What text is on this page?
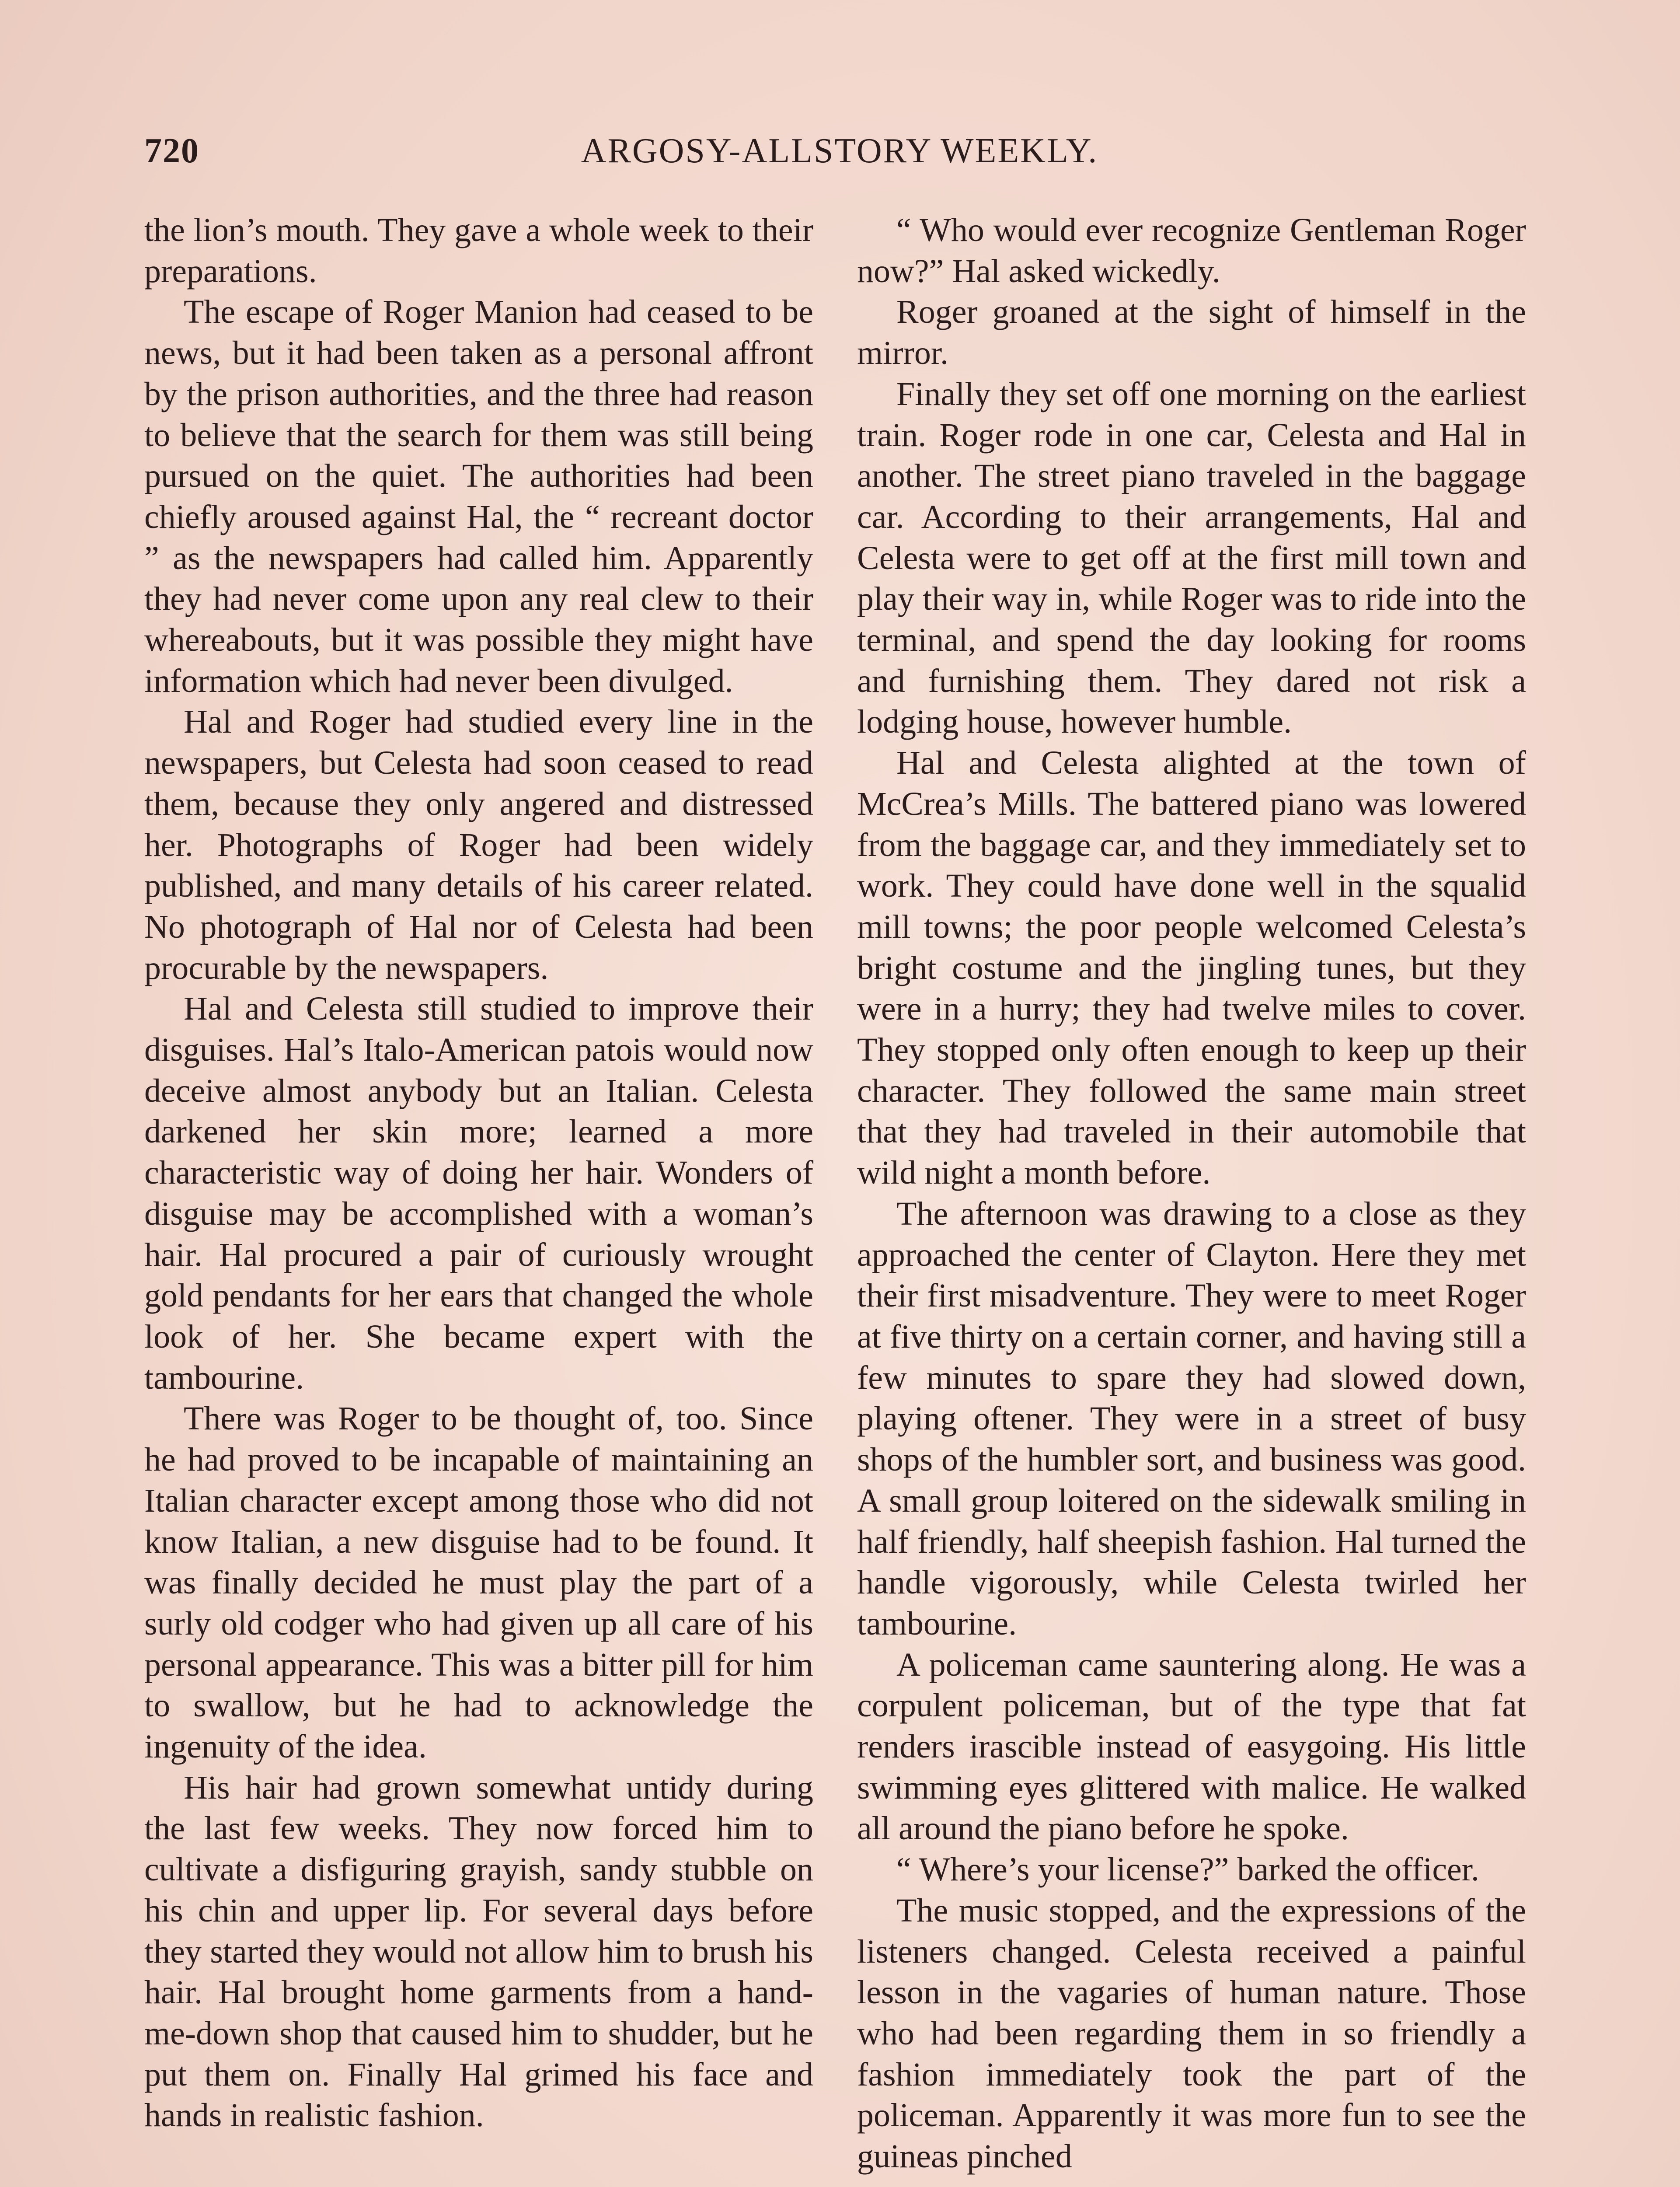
720	ARGOSY-ALLSTORY WEEKLY.

the lion’s mouth. They gave a whole week to their preparations.

The escape of Roger Manion had ceased to be news, but it had been taken as a personal affront by the prison authorities, and the three had reason to believe that the search for them was still being pursued on the quiet. The authorities had been chiefly aroused against Hal, the “ recreant doctor ” as the newspapers had called him. Apparently they had never come upon any real clew to their whereabouts, but it was possible they might have information which had never been divulged.

Hal and Roger had studied every line in the newspapers, but Celesta had soon ceased to read them, because they only angered and distressed her. Photographs of Roger had been widely published, and many details of his career related. No photograph of Hal nor of Celesta had been procurable by the newspapers.

Hal and Celesta still studied to improve their disguises. Hal’s Italo-American patois would now deceive almost anybody but an Italian. Celesta darkened her skin more; learned a more characteristic way of doing her hair. Wonders of disguise may be accomplished with a woman’s hair. Hal procured a pair of curiously wrought gold pendants for her ears that changed the whole look of her. She became expert with the tambourine.

There was Roger to be thought of, too. Since he had proved to be incapable of maintaining an Italian character except among those who did not know Italian, a new disguise had to be found. It was finally decided he must play the part of a surly old codger who had given up all care of his personal appearance. This was a bitter pill for him to swallow, but he had to acknowledge the ingenuity of the idea.

His hair had grown somewhat untidy during the last few weeks. They now forced him to cultivate a disfiguring grayish, sandy stubble on his chin and upper lip. For several days before they started they would not allow him to brush his hair. Hal brought home garments from a hand-me-down shop that caused him to shudder, but he put them on. Finally Hal grimed his face and hands in realistic fashion.

“ Who would ever recognize Gentleman Roger now?” Hal asked wickedly.

Roger groaned at the sight of himself in the mirror.

Finally they set off one morning on the earliest train. Roger rode in one car, Celesta and Hal in another. The street piano traveled in the baggage car. According to their arrangements, Hal and Celesta were to get off at the first mill town and play their way in, while Roger was to ride into the terminal, and spend the day looking for rooms and furnishing them. They dared not risk a lodging house, however humble.

Hal and Celesta alighted at the town of McCrea’s Mills. The battered piano was lowered from the baggage car, and they immediately set to work. They could have done well in the squalid mill towns; the poor people welcomed Celesta’s bright costume and the jingling tunes, but they were in a hurry; they had twelve miles to cover. They stopped only often enough to keep up their character. They followed the same main street that they had traveled in their automobile that wild night a month before.

The afternoon was drawing to a close as they approached the center of Clayton. Here they met their first misadventure. They were to meet Roger at five thirty on a certain corner, and having still a few minutes to spare they had slowed down, playing oftener. They were in a street of busy shops of the humbler sort, and business was good. A small group loitered on the sidewalk smiling in half friendly, half sheepish fashion. Hal turned the handle vigorously, while Celesta twirled her tambourine.

A policeman came sauntering along. He was a corpulent policeman, but of the type that fat renders irascible instead of easygoing. His little swimming eyes glittered with malice. He walked all around the piano before he spoke.

“ Where’s your license?” barked the officer.

The music stopped, and the expressions of the listeners changed. Celesta received a painful lesson in the vagaries of human nature. Those who had been regarding them in so friendly a fashion immediately took the part of the policeman. Apparently it was more fun to see the guineas pinched
